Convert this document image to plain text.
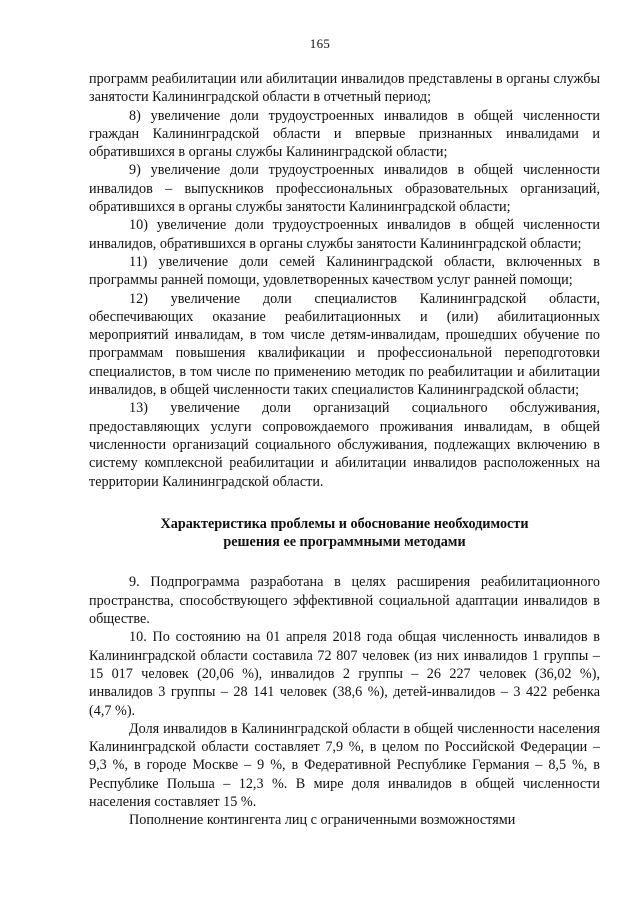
165

программ реабилитации или абилитации инвалидов представлены в органы службы занятости Калининградской области в отчетный период;

8) увеличение доли трудоустроенных инвалидов в общей численности граждан Калининградской области и впервые признанных инвалидами и обратившихся в органы службы Калининградской области;

9) увеличение доли трудоустроенных инвалидов в общей численности инвалидов – выпускников профессиональных образовательных организаций, обратившихся в органы службы занятости Калининградской области;

10) увеличение доли трудоустроенных инвалидов в общей численности инвалидов, обратившихся в органы службы занятости Калининградской области;

11) увеличение доли семей Калининградской области, включенных в программы ранней помощи, удовлетворенных качеством услуг ранней помощи;

12) увеличение доли специалистов Калининградской области, обеспечивающих оказание реабилитационных и (или) абилитационных мероприятий инвалидам, в том числе детям-инвалидам, прошедших обучение по программам повышения квалификации и профессиональной переподготовки специалистов, в том числе по применению методик по реабилитации и абилитации инвалидов, в общей численности таких специалистов Калининградской области;

13) увеличение доли организаций социального обслуживания, предоставляющих услуги сопровождаемого проживания инвалидам, в общей численности организаций социального обслуживания, подлежащих включению в систему комплексной реабилитации и абилитации инвалидов расположенных на территории Калининградской области.

Характеристика проблемы и обоснование необходимости
решения ее программными методами

9. Подпрограмма разработана в целях расширения реабилитационного пространства, способствующего эффективной социальной адаптации инвалидов в обществе.

10. По состоянию на 01 апреля 2018 года общая численность инвалидов в Калининградской области составила 72 807 человек (из них инвалидов 1 группы – 15 017 человек (20,06 %), инвалидов 2 группы – 26 227 человек (36,02 %), инвалидов 3 группы – 28 141 человек (38,6 %), детей-инвалидов – 3 422 ребенка (4,7 %).

Доля инвалидов в Калининградской области в общей численности населения Калининградской области составляет 7,9 %, в целом по Российской Федерации – 9,3 %, в городе Москве – 9 %, в Федеративной Республике Германия – 8,5 %, в Республике Польша – 12,3 %. В мире доля инвалидов в общей численности населения составляет 15 %.

Пополнение контингента лиц с ограниченными возможностями
